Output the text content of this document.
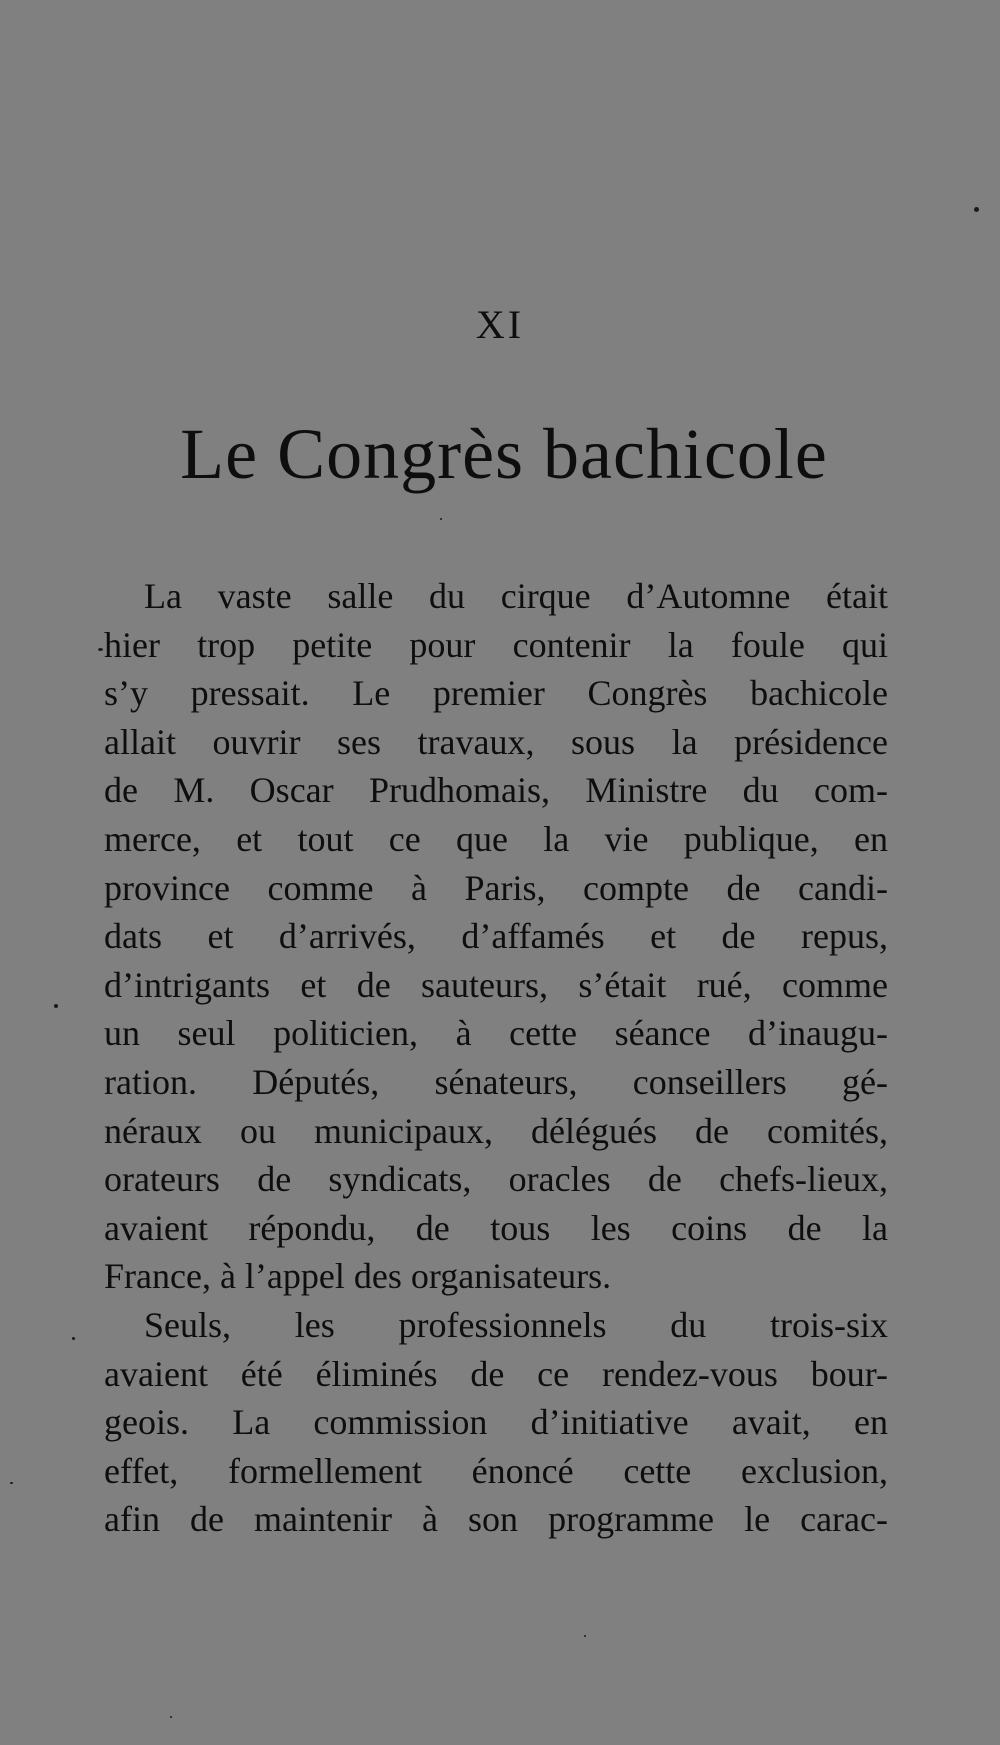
XI
Le Congrès bachicole
La vaste salle du cirque d’Automne était
hier trop petite pour contenir la foule qui
s’y pressait. Le premier Congrès bachicole
allait ouvrir ses travaux, sous la présidence
de M. Oscar Prudhomais, Ministre du com-
merce, et tout ce que la vie publique, en
province comme à Paris, compte de candi-
dats et d’arrivés, d’affamés et de repus,
d’intrigants et de sauteurs, s’était rué, comme
un seul politicien, à cette séance d’inaugu-
ration. Députés, sénateurs, conseillers gé-
néraux ou municipaux, délégués de comités,
orateurs de syndicats, oracles de chefs-lieux,
avaient répondu, de tous les coins de la
France, à l’appel des organisateurs.
Seuls, les professionnels du trois-six
avaient été éliminés de ce rendez-vous bour-
geois. La commission d’initiative avait, en
effet, formellement énoncé cette exclusion,
afin de maintenir à son programme le carac-
